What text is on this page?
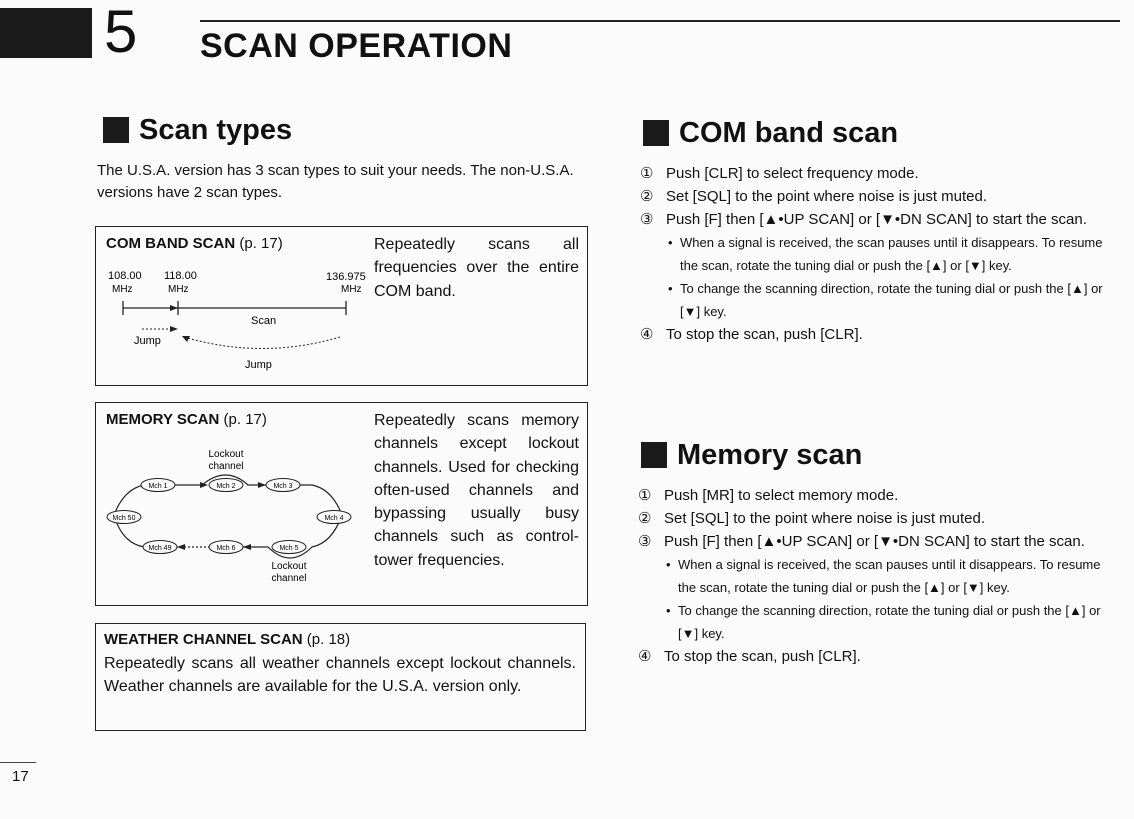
5 SCAN OPERATION
Scan types
The U.S.A. version has 3 scan types to suit your needs. The non-U.S.A. versions have 2 scan types.
COM BAND SCAN (p. 17)	Repeatedly scans all frequencies over the entire COM band.
108.00
MHz
118.00
MHz
136.975
MHz
Scan
Jump
Jump
MEMORY SCAN (p. 17)	Repeatedly scans memory channels except lockout channels. Used for checking often-used channels and bypassing usually busy channels such as control-tower frequencies.
Mch 1	Mch 2	Mch 3
Mch 4
Mch 5
Mch 6
Mch 49
Mch 50
Lockout
channel
Lockout
channel
WEATHER CHANNEL SCAN (p. 18)
Repeatedly scans all weather channels except lockout channels. Weather channels are available for the U.S.A. version only.
COM band scan
① Push [CLR] to select frequency mode.
② Set [SQL] to the point where noise is just muted.
③ Push [F] then [▲•UP SCAN] or [▼•DN SCAN] to start the scan.
• When a signal is received, the scan pauses until it disappears. To resume the scan, rotate the tuning dial or push the [▲] or [▼] key.
• To change the scanning direction, rotate the tuning dial or push the [▲] or [▼] key.
④ To stop the scan, push [CLR].
Memory scan
① Push [MR] to select memory mode.
② Set [SQL] to the point where noise is just muted.
③ Push [F] then [▲•UP SCAN] or [▼•DN SCAN] to start the scan.
• When a signal is received, the scan pauses until it disappears. To resume the scan, rotate the tuning dial or push the [▲] or [▼] key.
• To change the scanning direction, rotate the tuning dial or push the [▲] or [▼] key.
④ To stop the scan, push [CLR].
17
